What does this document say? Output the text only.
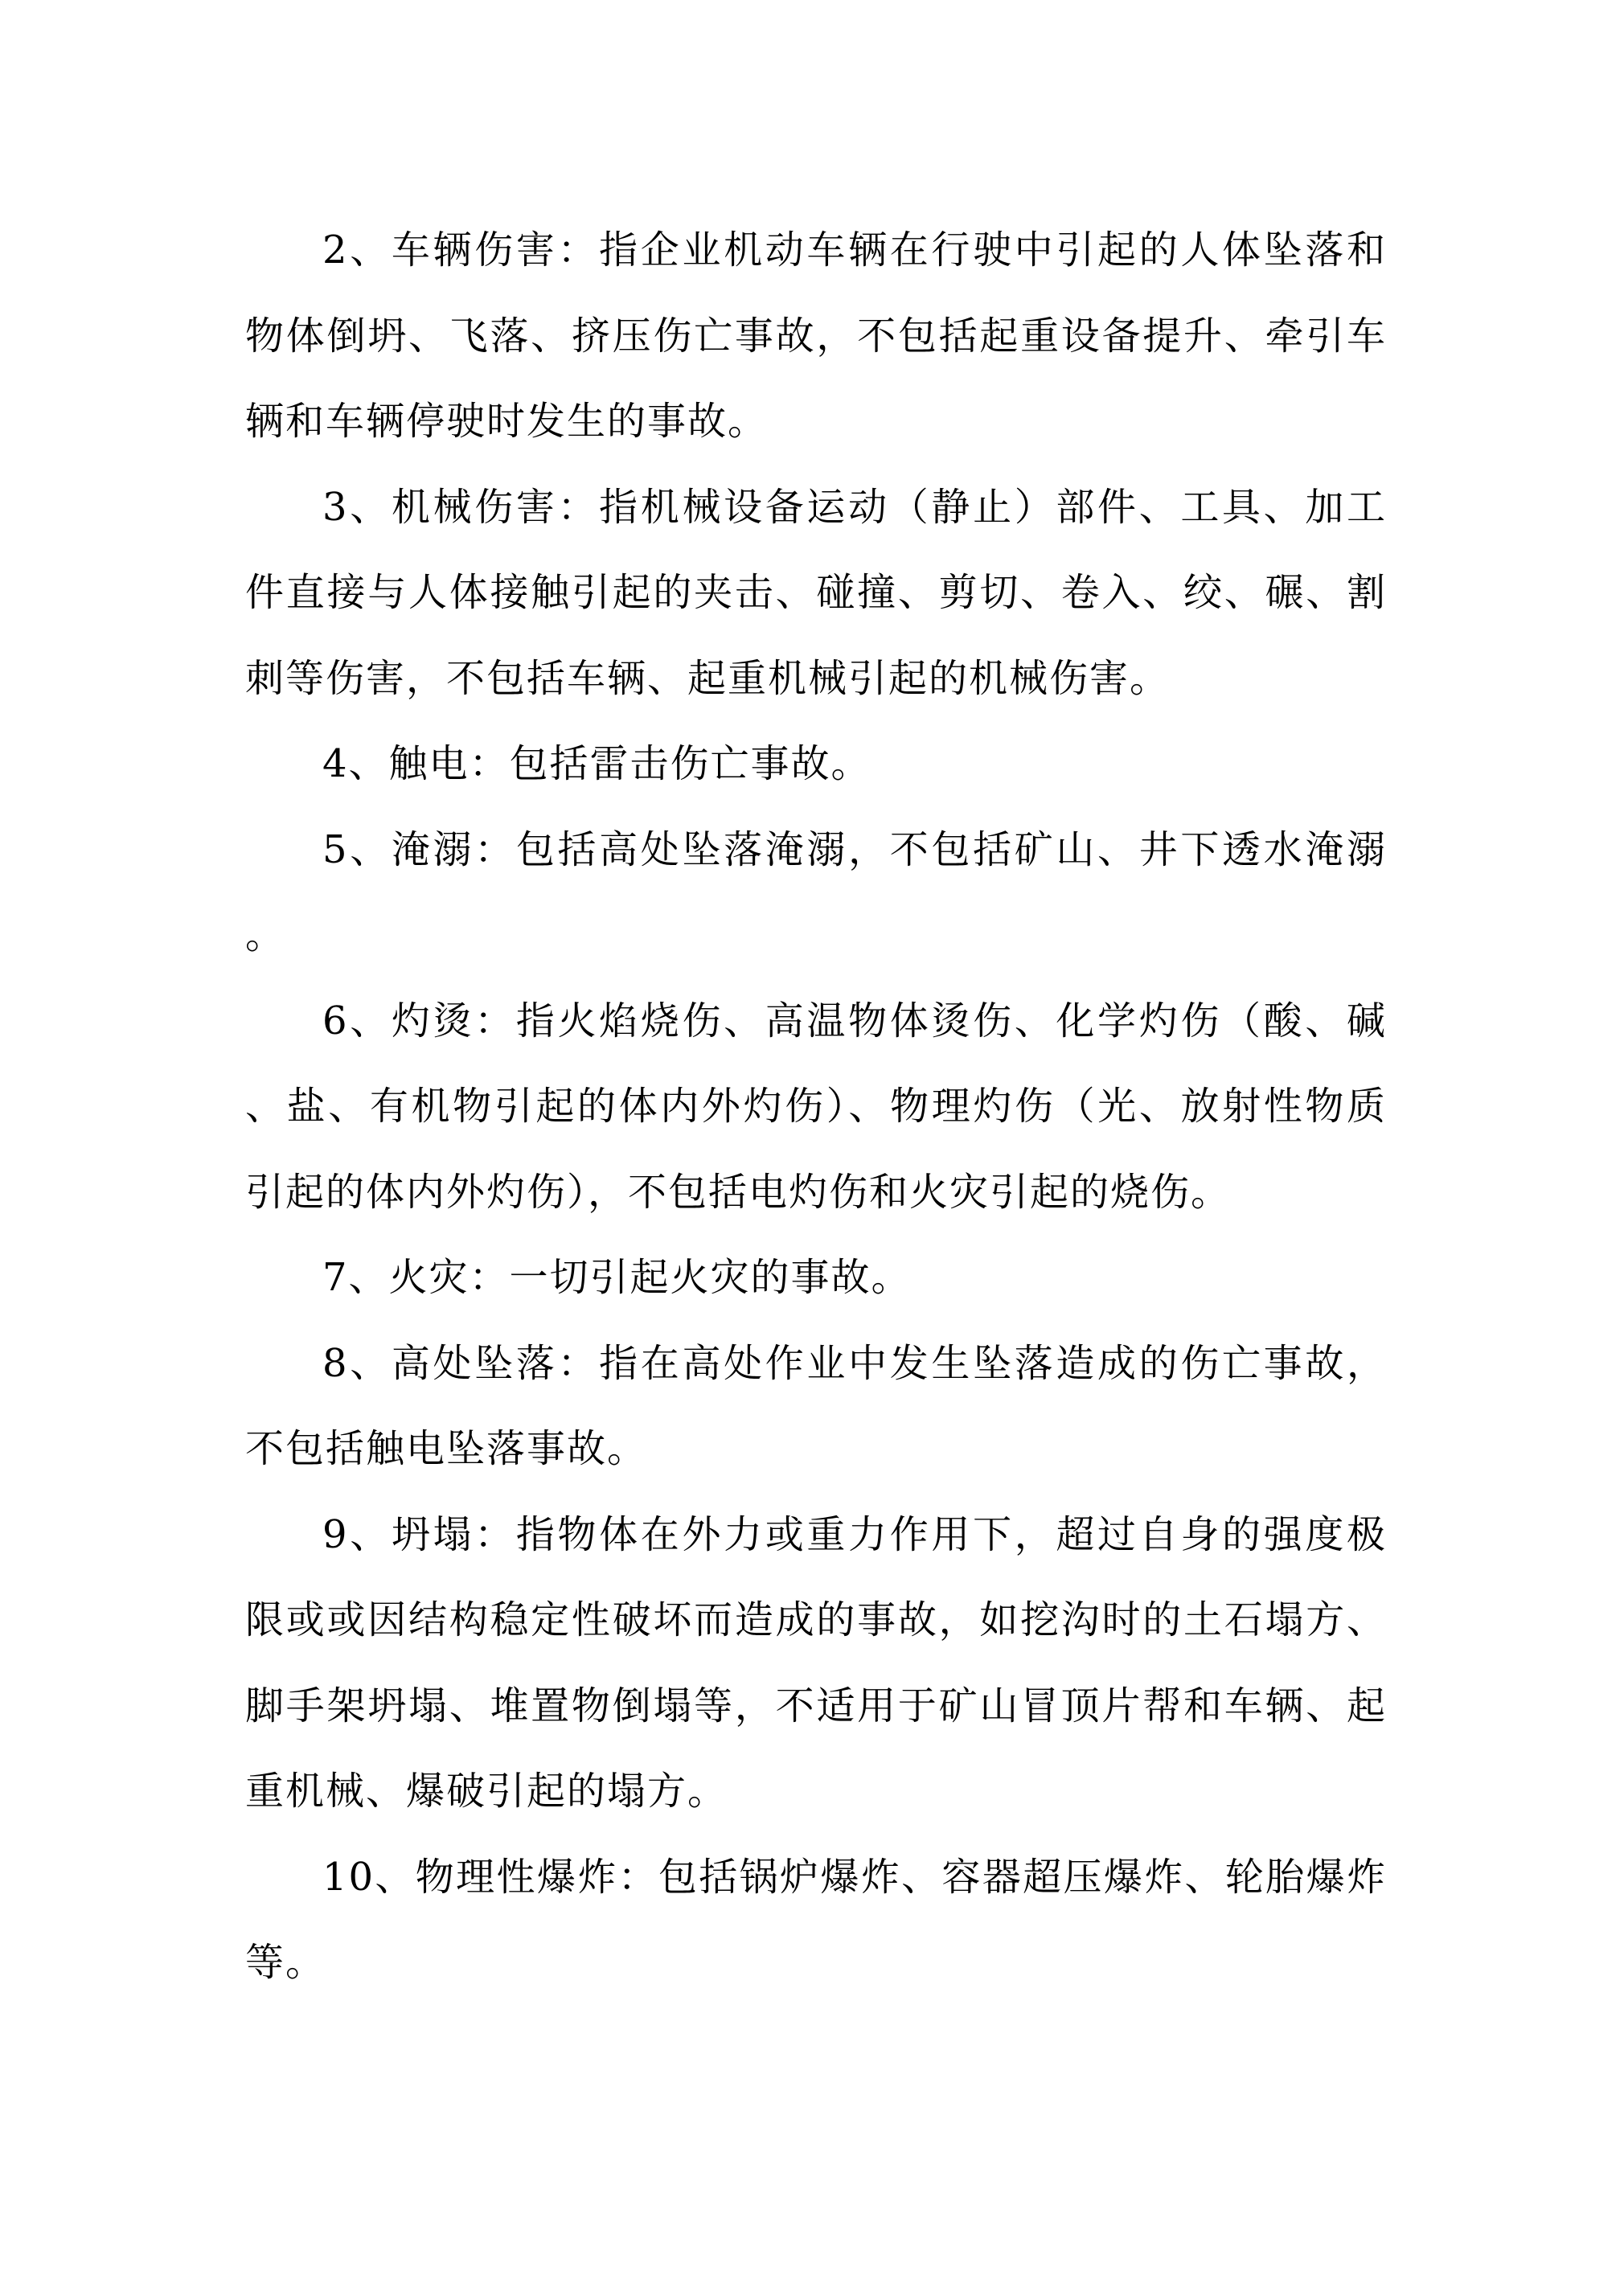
2、车辆伤害：指企业机动车辆在行驶中引起的人体坠落和物体倒坍、飞落、挤压伤亡事故，不包括起重设备提升、牵引车辆和车辆停驶时发生的事故。

3、机械伤害：指机械设备运动（静止）部件、工具、加工件直接与人体接触引起的夹击、碰撞、剪切、卷入、绞、碾、割刺等伤害，不包括车辆、起重机械引起的机械伤害。

4、触电：包括雷击伤亡事故。

5、淹溺：包括高处坠落淹溺，不包括矿山、井下透水淹溺。

6、灼烫：指火焰烧伤、高温物体烫伤、化学灼伤（酸、碱、盐、有机物引起的体内外灼伤）、物理灼伤（光、放射性物质引起的体内外灼伤），不包括电灼伤和火灾引起的烧伤。

7、火灾：一切引起火灾的事故。

8、高处坠落：指在高处作业中发生坠落造成的伤亡事故，不包括触电坠落事故。

9、坍塌：指物体在外力或重力作用下，超过自身的强度极限或或因结构稳定性破坏而造成的事故，如挖沟时的土石塌方、脚手架坍塌、堆置物倒塌等，不适用于矿山冒顶片帮和车辆、起重机械、爆破引起的塌方。

10、物理性爆炸：包括锅炉爆炸、容器超压爆炸、轮胎爆炸等。
